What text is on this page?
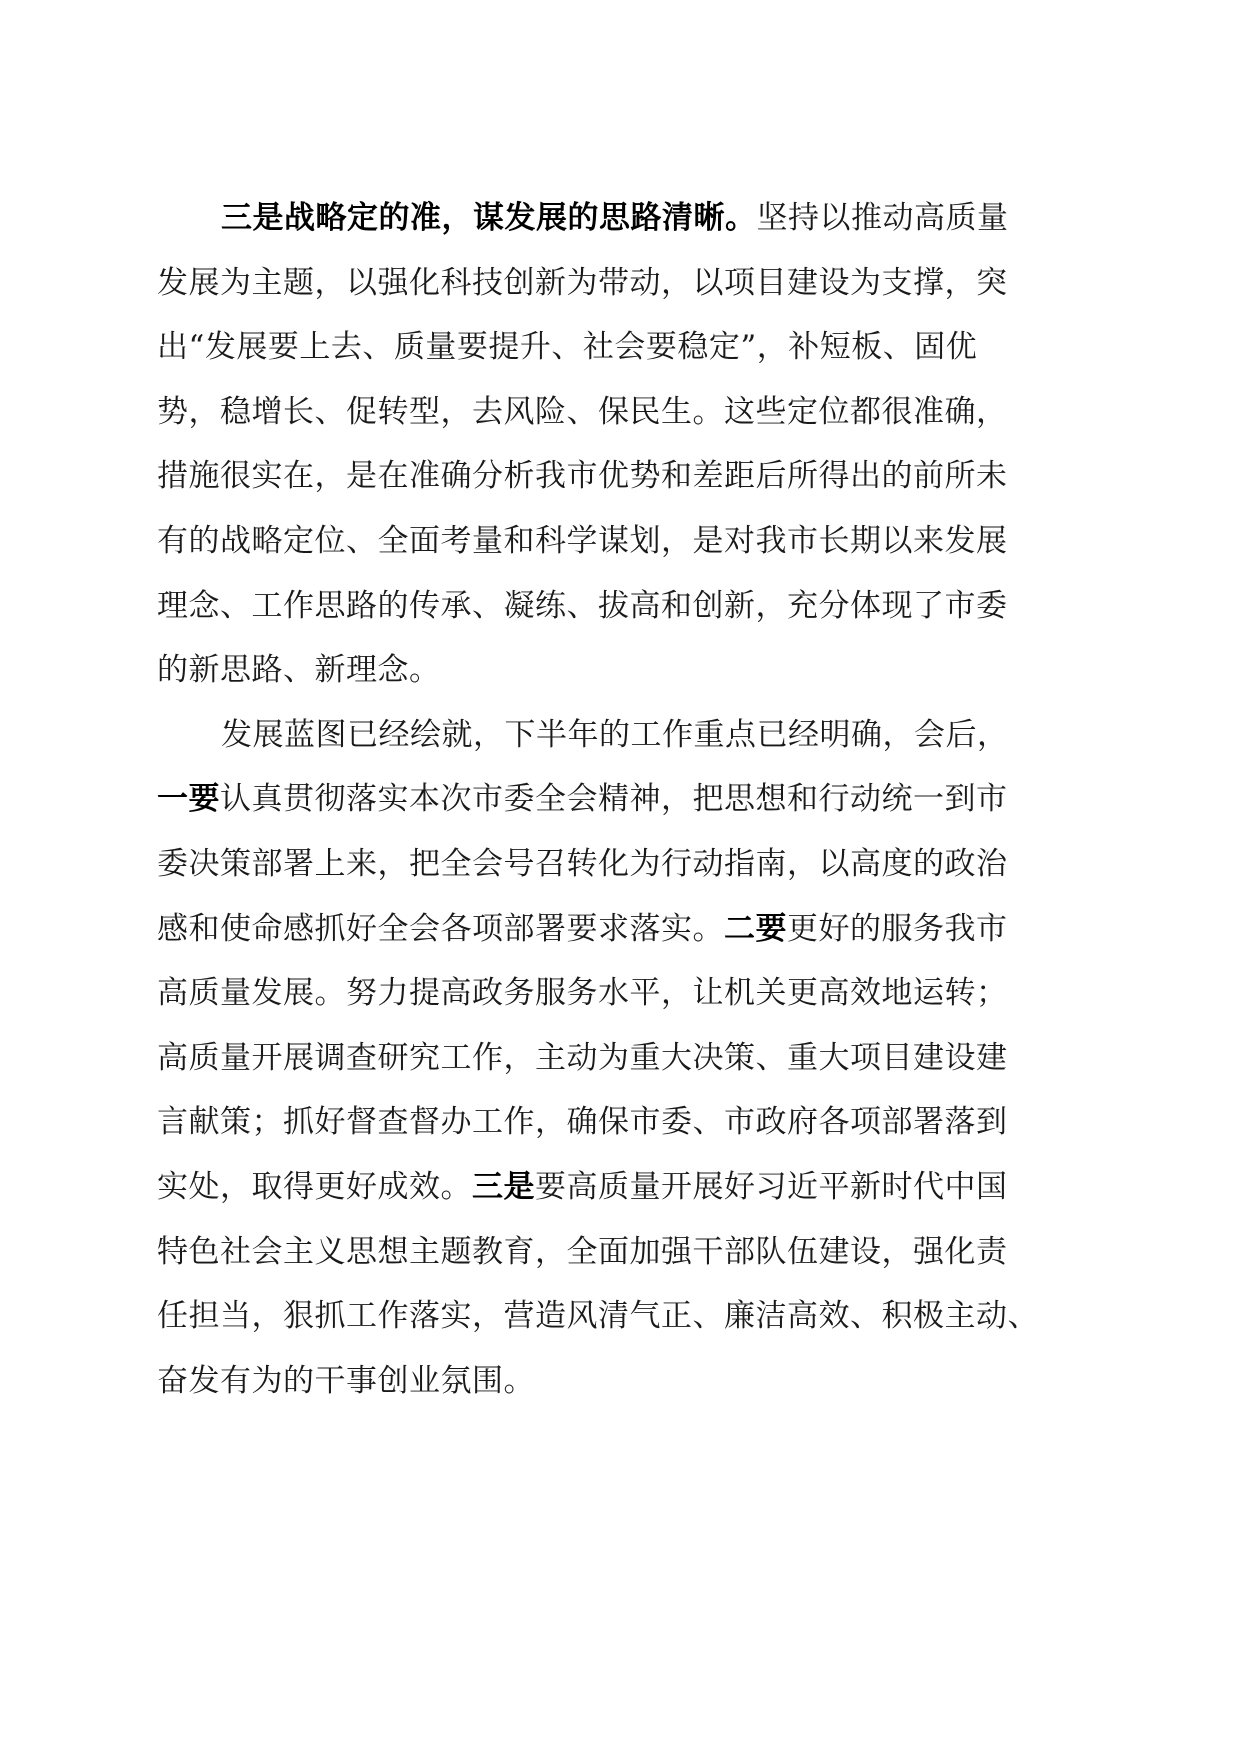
三是战略定的准，谋发展的思路清晰。坚持以推动高质量
发展为主题，以强化科技创新为带动，以项目建设为支撑，突
出“发展要上去、质量要提升、社会要稳定”，补短板、固优
势，稳增长、促转型，去风险、保民生。这些定位都很准确，
措施很实在，是在准确分析我市优势和差距后所得出的前所未
有的战略定位、全面考量和科学谋划，是对我市长期以来发展
理念、工作思路的传承、凝练、拔高和创新，充分体现了市委
的新思路、新理念。
发展蓝图已经绘就，下半年的工作重点已经明确，会后，
一要认真贯彻落实本次市委全会精神，把思想和行动统一到市
委决策部署上来，把全会号召转化为行动指南，以高度的政治
感和使命感抓好全会各项部署要求落实。二要更好的服务我市
高质量发展。努力提高政务服务水平，让机关更高效地运转；
高质量开展调查研究工作，主动为重大决策、重大项目建设建
言献策；抓好督查督办工作，确保市委、市政府各项部署落到
实处，取得更好成效。三是要高质量开展好习近平新时代中国
特色社会主义思想主题教育，全面加强干部队伍建设，强化责
任担当，狠抓工作落实，营造风清气正、廉洁高效、积极主动、
奋发有为的干事创业氛围。
